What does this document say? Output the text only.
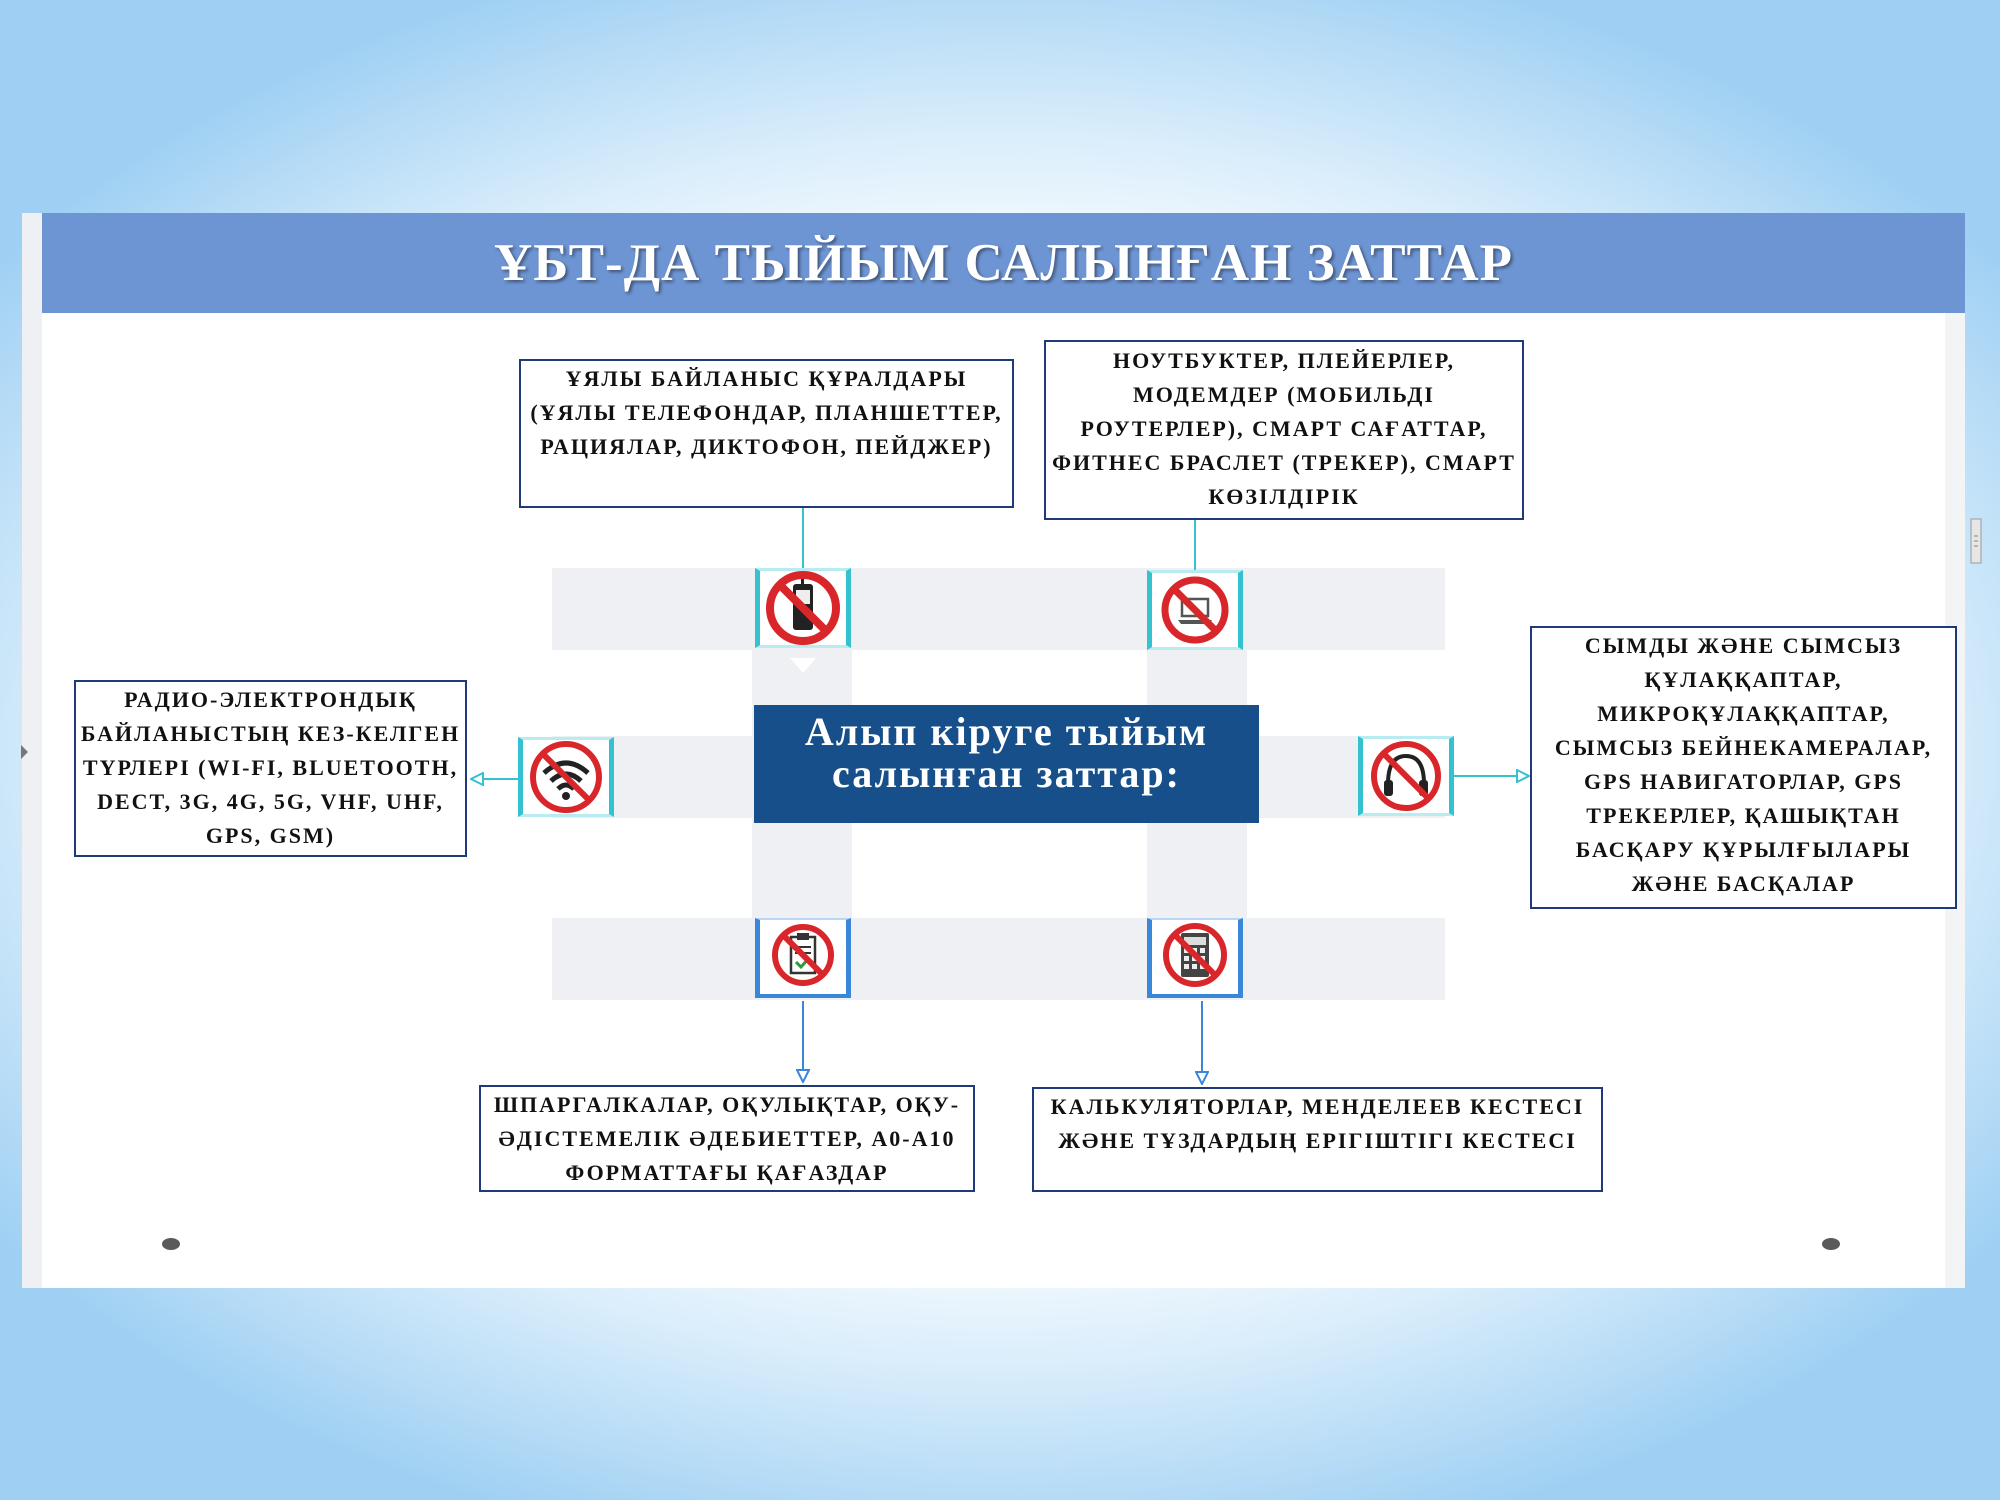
ҰБТ-ДА ТЫЙЫМ САЛЫНҒАН ЗАТТАР
Алып кіруге тыйым салынған заттар:
ҰЯЛЫ БАЙЛАНЫС ҚҰРАЛДАРЫ (ҰЯЛЫ ТЕЛЕФОНДАР, ПЛАНШЕТТЕР, РАЦИЯЛАР, ДИКТОФОН, ПЕЙДЖЕР)
НОУТБУКТЕР, ПЛЕЙЕРЛЕР, МОДЕМДЕР (МОБИЛЬДІ РОУТЕРЛЕР), СМАРТ САҒАТТАР, ФИТНЕС БРАСЛЕТ (ТРЕКЕР), СМАРТ КӨЗІЛДІРІК
РАДИО-ЭЛЕКТРОНДЫҚ БАЙЛАНЫСТЫҢ КЕЗ-КЕЛГЕН ТҮРЛЕРІ (WI-FI, BLUETOOTH, DECT, 3G, 4G, 5G, VHF, UHF, GPS, GSM)
СЫМДЫ ЖӘНЕ СЫМСЫЗ ҚҰЛАҚҚАПТАР, МИКРОҚҰЛАҚҚАПТАР, СЫМСЫЗ БЕЙНЕКАМЕРАЛАР, GPS НАВИГАТОРЛАР, GPS ТРЕКЕРЛЕР, ҚАШЫҚТАН БАСҚАРУ ҚҰРЫЛҒЫЛАРЫ ЖӘНЕ БАСҚАЛАР
ШПАРГАЛКАЛАР, ОҚУЛЫҚТАР, ОҚУ-ӘДІСТЕМЕЛІК ӘДЕБИЕТТЕР, А0-А10 ФОРМАТТАҒЫ ҚАҒАЗДАР
КАЛЬКУЛЯТОРЛАР, МЕНДЕЛЕЕВ КЕСТЕСІ ЖӘНЕ ТҰЗДАРДЫҢ ЕРІГІШТІГІ КЕСТЕСІ
